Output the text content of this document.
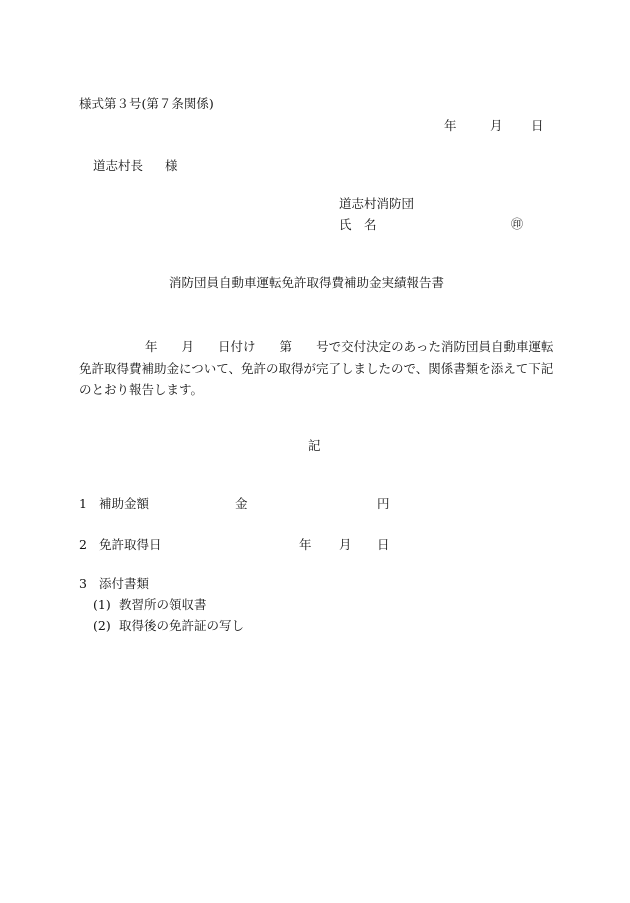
様式第３号(第７条関係)
年	月 日
道志村長 様
道志村消防団
氏　名	㊞
消防団員自動車運転免許取得費補助金実績報告書
年 月 日付け 第 号で交付決定のあった消防団員自動車運転免許取得費補助金について、免許の取得が完了しましたので、関係書類を添えて下記のとおり報告します。
記
1 補助金額	金	円
2 免許取得日	年 月 日
3 添付書類
(1) 教習所の領収書
(2) 取得後の免許証の写し
